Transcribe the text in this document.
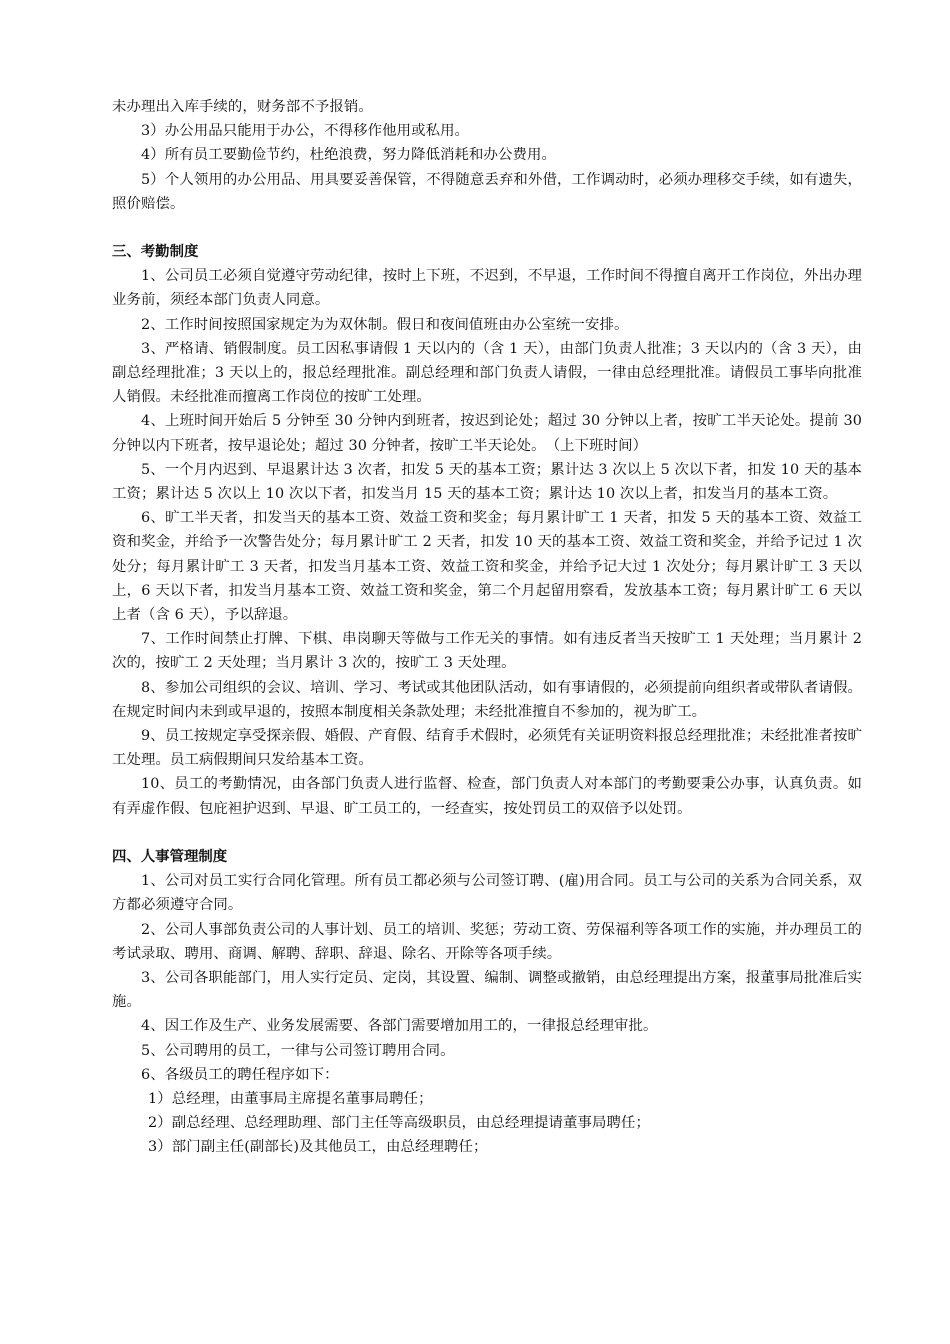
未办理出入库手续的，财务部不予报销。

3）办公用品只能用于办公，不得移作他用或私用。

4）所有员工要勤俭节约，杜绝浪费，努力降低消耗和办公费用。

5）个人领用的办公用品、用具要妥善保管，不得随意丢弃和外借，工作调动时，必须办理移交手续，如有遗失，照价赔偿。

三、考勤制度

1、公司员工必须自觉遵守劳动纪律，按时上下班，不迟到，不早退，工作时间不得擅自离开工作岗位，外出办理业务前，须经本部门负责人同意。

2、工作时间按照国家规定为为双休制。假日和夜间值班由办公室统一安排。

3、严格请、销假制度。员工因私事请假 1 天以内的（含 1 天），由部门负责人批准；3 天以内的（含 3 天），由副总经理批准；3 天以上的，报总经理批准。副总经理和部门负责人请假，一律由总经理批准。请假员工事毕向批准人销假。未经批准而擅离工作岗位的按旷工处理。

4、上班时间开始后 5 分钟至 30 分钟内到班者，按迟到论处；超过 30 分钟以上者，按旷工半天论处。提前 30 分钟以内下班者，按早退论处；超过 30 分钟者，按旷工半天论处。　（上下班时间）

5、一个月内迟到、早退累计达 3 次者，扣发 5 天的基本工资；累计达 3 次以上 5 次以下者，扣发 10 天的基本工资；累计达 5 次以上 10 次以下者，扣发当月 15 天的基本工资；累计达 10 次以上者，扣发当月的基本工资。

6、旷工半天者，扣发当天的基本工资、效益工资和奖金；每月累计旷工 1 天者，扣发 5 天的基本工资、效益工资和奖金，并给予一次警告处分；每月累计旷工 2 天者，扣发 10 天的基本工资、效益工资和奖金，并给予记过 1 次处分；每月累计旷工 3 天者，扣发当月基本工资、效益工资和奖金，并给予记大过 1 次处分；每月累计旷工 3 天以上，6 天以下者，扣发当月基本工资、效益工资和奖金，第二个月起留用察看，发放基本工资；每月累计旷工 6 天以上者（含 6 天），予以辞退。

7、工作时间禁止打牌、下棋、串岗聊天等做与工作无关的事情。如有违反者当天按旷工 1 天处理；当月累计 2 次的，按旷工 2 天处理；当月累计 3 次的，按旷工 3 天处理。

8、参加公司组织的会议、培训、学习、考试或其他团队活动，如有事请假的，必须提前向组织者或带队者请假。在规定时间内未到或早退的，按照本制度相关条款处理；未经批准擅自不参加的，视为旷工。

9、员工按规定享受探亲假、婚假、产育假、结育手术假时，必须凭有关证明资料报总经理批准；未经批准者按旷工处理。员工病假期间只发给基本工资。

10、员工的考勤情况，由各部门负责人进行监督、检查，部门负责人对本部门的考勤要秉公办事，认真负责。如有弄虚作假、包庇袒护迟到、早退、旷工员工的，一经查实，按处罚员工的双倍予以处罚。

四、人事管理制度

1、公司对员工实行合同化管理。所有员工都必须与公司签订聘、(雇)用合同。员工与公司的关系为合同关系，双方都必须遵守合同。

2、公司人事部负责公司的人事计划、员工的培训、奖惩；劳动工资、劳保福利等各项工作的实施，并办理员工的考试录取、聘用、商调、解聘、辞职、辞退、除名、开除等各项手续。

3、公司各职能部门，用人实行定员、定岗，其设置、编制、调整或撤销，由总经理提出方案，报董事局批准后实施。

4、因工作及生产、业务发展需要、各部门需要增加用工的，一律报总经理审批。

5、公司聘用的员工，一律与公司签订聘用合同。

6、各级员工的聘任程序如下：

1）总经理，由董事局主席提名董事局聘任；

2）副总经理、总经理助理、部门主任等高级职员，由总经理提请董事局聘任；

3）部门副主任(副部长)及其他员工，由总经理聘任；
